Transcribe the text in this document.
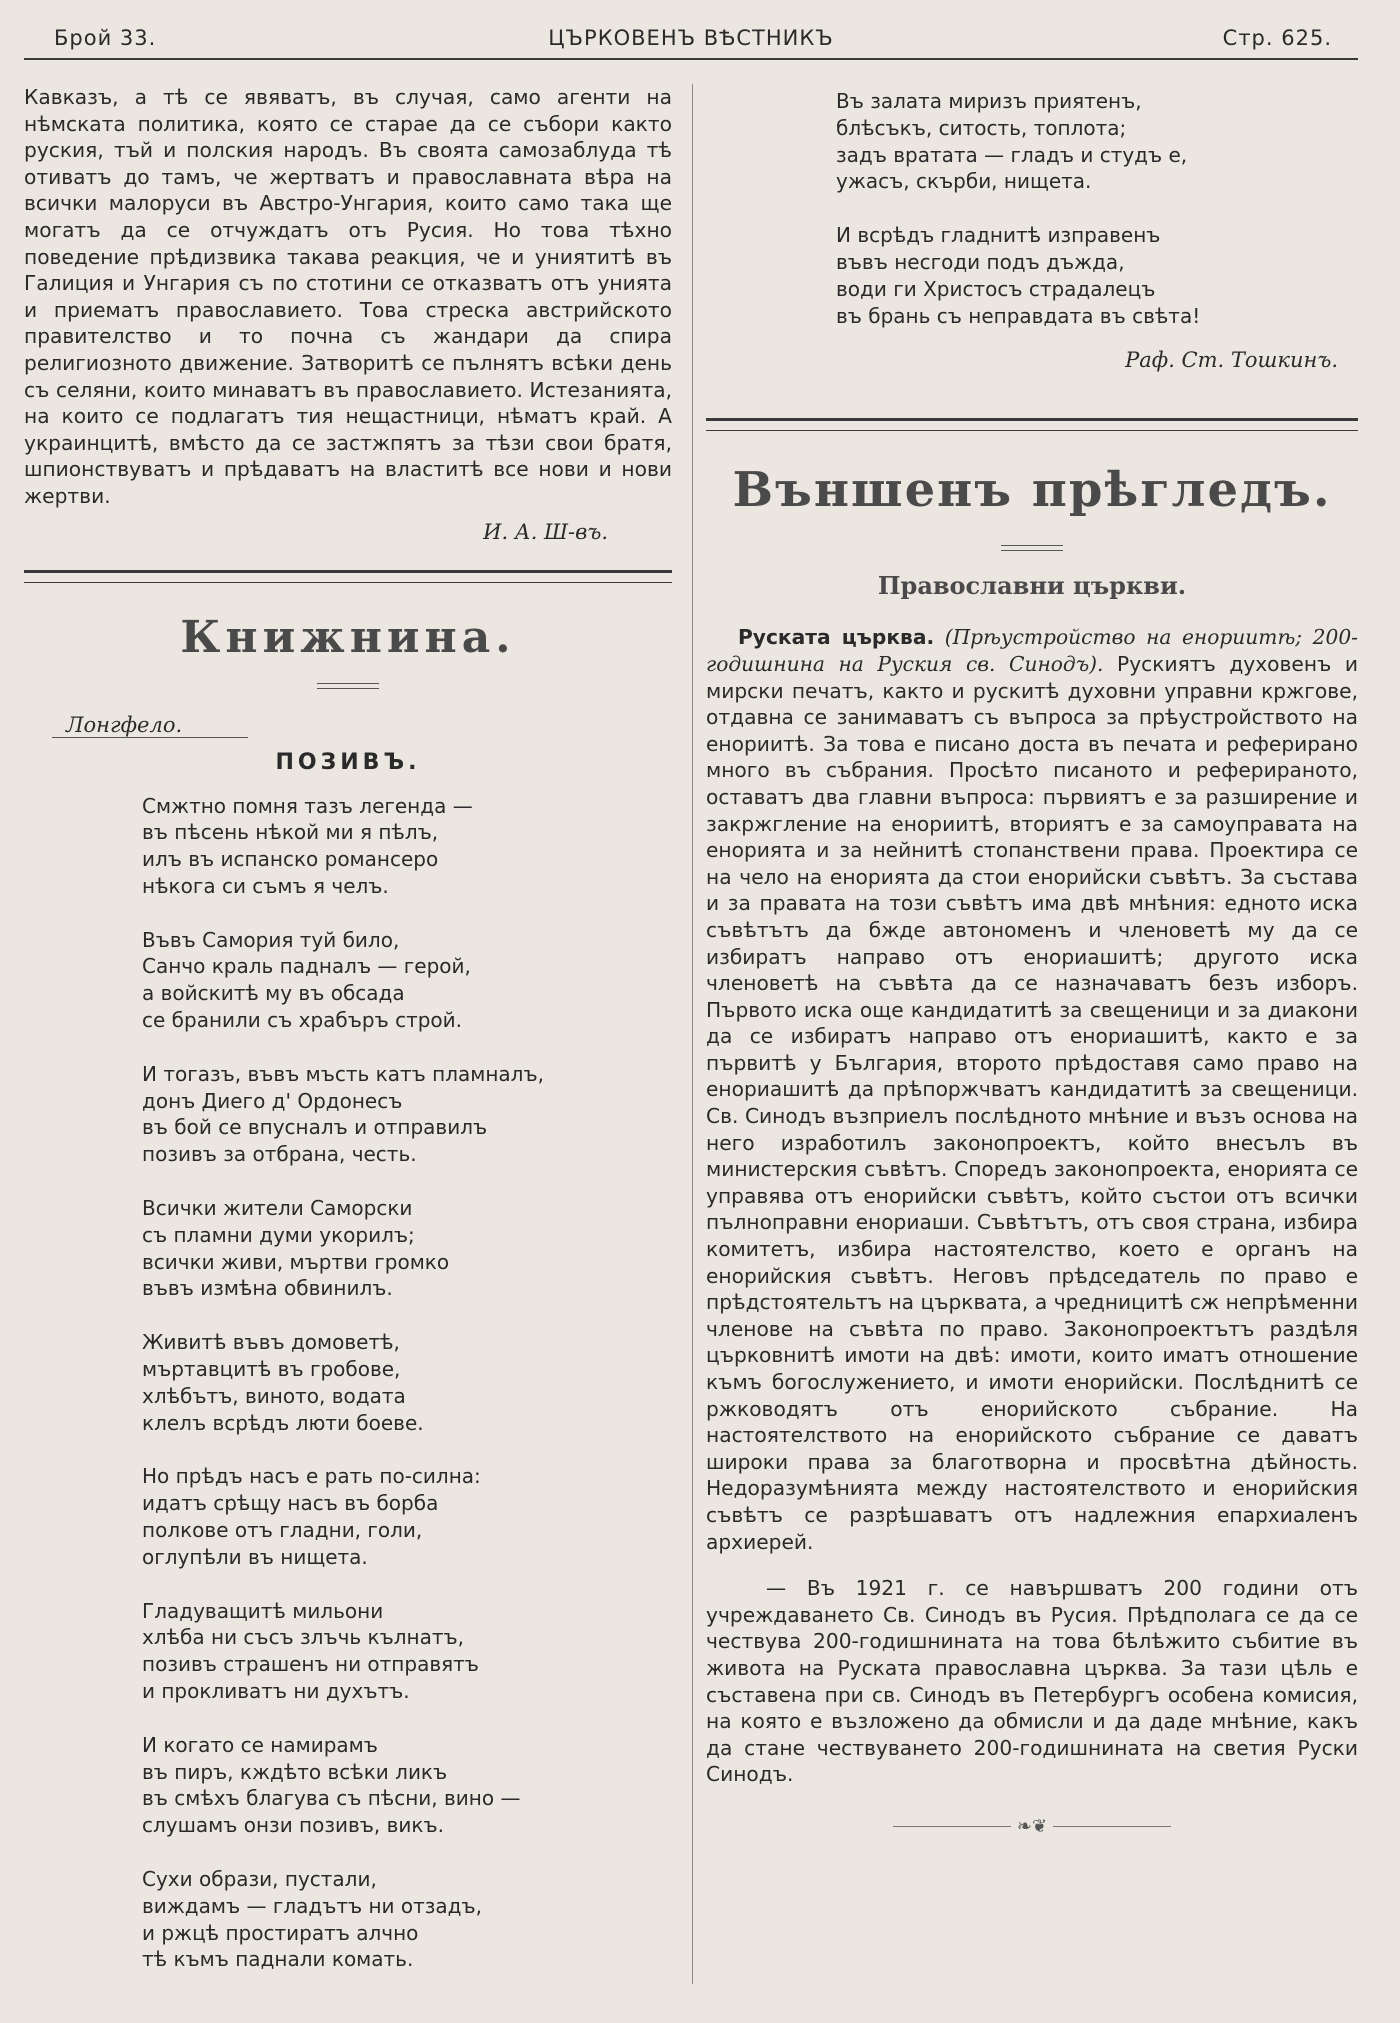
Брой 33.	ЦЪРКОВЕНЪ ВѢСТНИКЪ	Стр. 625.

Кавказъ, а тѣ се явяватъ, въ случая, само агенти на нѣмската политика, която се старае да се събори както руския, тъй и полския народъ. Въ своята самозаблуда тѣ отиватъ до тамъ, че жертватъ и православната вѣра на всички малоруси въ Австро-Унгария, които само така ще могатъ да се отчуждатъ отъ Русия. Но това тѣхно поведение прѣдизвика такава реакция, че и униятитѣ въ Галиция и Унгария съ по стотини се отказватъ отъ унията и приематъ православието. Това стреска австрийското правителство и то почна съ жандари да спира религиозното движение. Затворитѣ се пълнятъ всѣки день съ селяни, които минаватъ въ православието. Истезанията, на които се подлагатъ тия нещастници, нѣматъ край. А украинцитѣ, вмѣсто да се застжпятъ за тѣзи свои братя, шпионствуватъ и прѣдаватъ на властитѣ все нови и нови жертви.

И. А. Ш-въ.
Книжнина.
Лонгфело.
ПОЗИВЪ.
Смжтно помня тазъ легенда —
въ пѣсень нѣкой ми я пѣлъ,
илъ въ испанско романсеро
нѣкога си съмъ я челъ.
Въвъ Самория туй било,
Санчо краль падналъ — герой,
а войскитѣ му въ обсада
се бранили съ храбъръ строй.
И тогазъ, въвъ мъсть катъ пламналъ,
донъ Диего д' Ордонесъ
въ бой се впусналъ и отправилъ
позивъ за отбрана, честь.
Всички жители Саморски
съ пламни думи укорилъ;
всички живи, мъртви громко
въвъ измѣна обвинилъ.
Живитѣ въвъ домоветѣ,
мъртавцитѣ въ гробове,
хлѣбътъ, виното, водата
клелъ всрѣдъ люти боеве.
Но прѣдъ насъ е рать по-силна:
идатъ срѣщу насъ въ борба
полкове отъ гладни, голи,
оглупѣли въ нищета.
Гладуващитѣ мильони
хлѣба ни съсъ злъчь кълнатъ,
позивъ страшенъ ни отправятъ
и прокливатъ ни духътъ.
И когато се намирамъ
въ пиръ, кждѣто всѣки ликъ
въ смѣхъ благува съ пѣсни, вино —
слушамъ онзи позивъ, викъ.
Сухи образи, пустали,
виждамъ — гладътъ ни отзадъ,
и ржцѣ простиратъ алчно
тѣ къмъ паднали комать.
Въ залата миризъ приятенъ,
блѣсъкъ, ситость, топлота;
задъ вратата — гладъ и студъ е,
ужасъ, скърби, нищета.
И всрѣдъ гладнитѣ изправенъ
въвъ несгоди подъ дъжда,
води ги Христосъ страдалецъ
въ брань съ неправдата въ свѣта!
Раф. Ст. Тошкинъ.
Външенъ прѣгледъ.
Православни църкви.

Руската църква. (Прѣустройство на енориитѣ; 200-годишнина на Руския св. Синодъ). Рускиятъ духовенъ и мирски печатъ, както и рускитѣ духовни управни кржгове, отдавна се занимаватъ съ въпроса за прѣустройството на енориитѣ. За това е писано доста въ печата и реферирано много въ събрания. Просѣто писаното и реферираното, оставатъ два главни въпроса: първиятъ е за разширение и закржгление на енориитѣ, вториятъ е за самоуправата на енорията и за нейнитѣ стопанствени права. Проектира се на чело на енорията да стои енорийски съвѣтъ. За състава и за правата на този съвѣтъ има двѣ мнѣния: едното иска съвѣтътъ да бжде автономенъ и членоветѣ му да се избиратъ направо отъ енориашитѣ; другото иска членоветѣ на съвѣта да се назначаватъ безъ изборъ. Първото иска още кандидатитѣ за свещеници и за диакони да се избиратъ направо отъ енориашитѣ, както е за първитѣ у България, второто прѣдоставя само право на енориашитѣ да прѣпоржчватъ кандидатитѣ за свещеници. Св. Синодъ възприелъ послѣдното мнѣние и възъ основа на него изработилъ законопроектъ, който внесълъ въ министерския съвѣтъ. Споредъ законопроекта, енорията се управява отъ енорийски съвѣтъ, който състои отъ всички пълноправни енориаши. Съвѣтътъ, отъ своя страна, избира комитетъ, избира настоятелство, което е органъ на енорийския съвѣтъ. Неговъ прѣдседатель по право е прѣдстоятельтъ на църквата, а чредницитѣ сж непрѣменни членове на съвѣта по право. Законопроектътъ раздѣля църковнитѣ имоти на двѣ: имоти, които иматъ отношение къмъ богослужението, и имоти енорийски. Послѣднитѣ се ржководятъ отъ енорийското събрание. На настоятелството на енорийското събрание се даватъ широки права за благотворна и просвѣтна дѣйность. Недоразумѣнията между настоятелството и енорийския съвѣтъ се разрѣшаватъ отъ надлежния епархиаленъ архиерей.

— Въ 1921 г. се навършватъ 200 години отъ учреждаването Св. Синодъ въ Русия. Прѣдполага се да се чествува 200-годишнината на това бѣлѣжито събитие въ живота на Руската православна църква. За тази цѣль е съставена при св. Синодъ въ Петербургъ особена комисия, на която е възложено да обмисли и да даде мнѣние, какъ да стане чествуването 200-годишнината на светия Руски Синодъ.

❧❦
